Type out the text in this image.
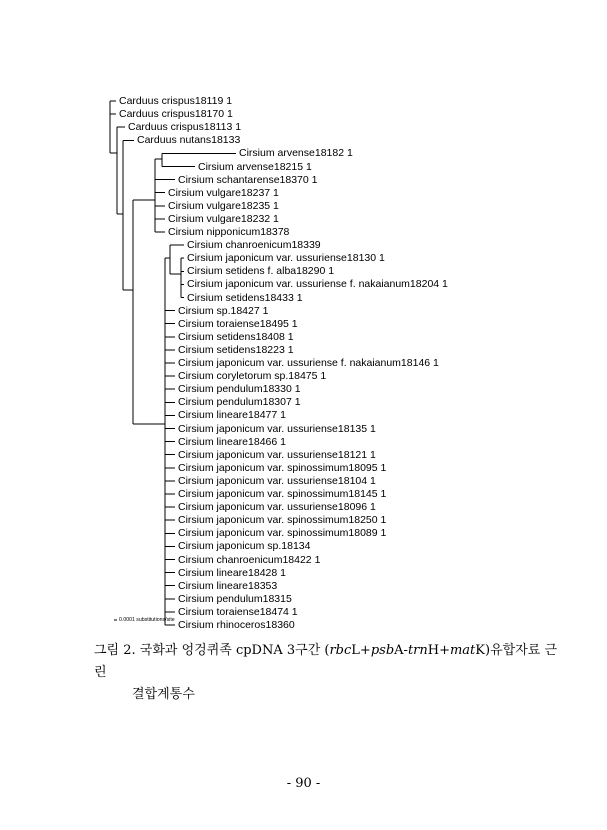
Carduus crispus18119 1
Carduus crispus18170 1
Carduus crispus18113 1
Carduus nutans18133
Cirsium arvense18182 1
Cirsium arvense18215 1
Cirsium schantarense18370 1
Cirsium vulgare18237 1
Cirsium vulgare18235 1
Cirsium vulgare18232 1
Cirsium nipponicum18378
Cirsium chanroenicum18339
Cirsium japonicum var. ussuriense18130 1
Cirsium setidens f. alba18290 1
Cirsium japonicum var. ussuriense f. nakaianum18204 1
Cirsium setidens18433 1
Cirsium sp.18427 1
Cirsium toraiense18495 1
Cirsium setidens18408 1
Cirsium setidens18223 1
Cirsium japonicum var. ussuriense f. nakaianum18146 1
Cirsium coryletorum sp.18475 1
Cirsium pendulum18330 1
Cirsium pendulum18307 1
Cirsium lineare18477 1
Cirsium japonicum var. ussuriense18135 1
Cirsium lineare18466 1
Cirsium japonicum var. ussuriense18121 1
Cirsium japonicum var. spinossimum18095 1
Cirsium japonicum var. ussuriense18104 1
Cirsium japonicum var. spinossimum18145 1
Cirsium japonicum var. ussuriense18096 1
Cirsium japonicum var. spinossimum18250 1
Cirsium japonicum var. spinossimum18089 1
Cirsium japonicum sp.18134
Cirsium chanroenicum18422 1
Cirsium lineare18428 1
Cirsium lineare18353
Cirsium pendulum18315
Cirsium toraiense18474 1
Cirsium rhinoceros18360
0.0001 substitutions/site
그림 2. 국화과 엉겅퀴족 cpDNA 3구간 (rbcL+psbA-trnH+matK)유합자료 근린
결합계통수
- 90 -
